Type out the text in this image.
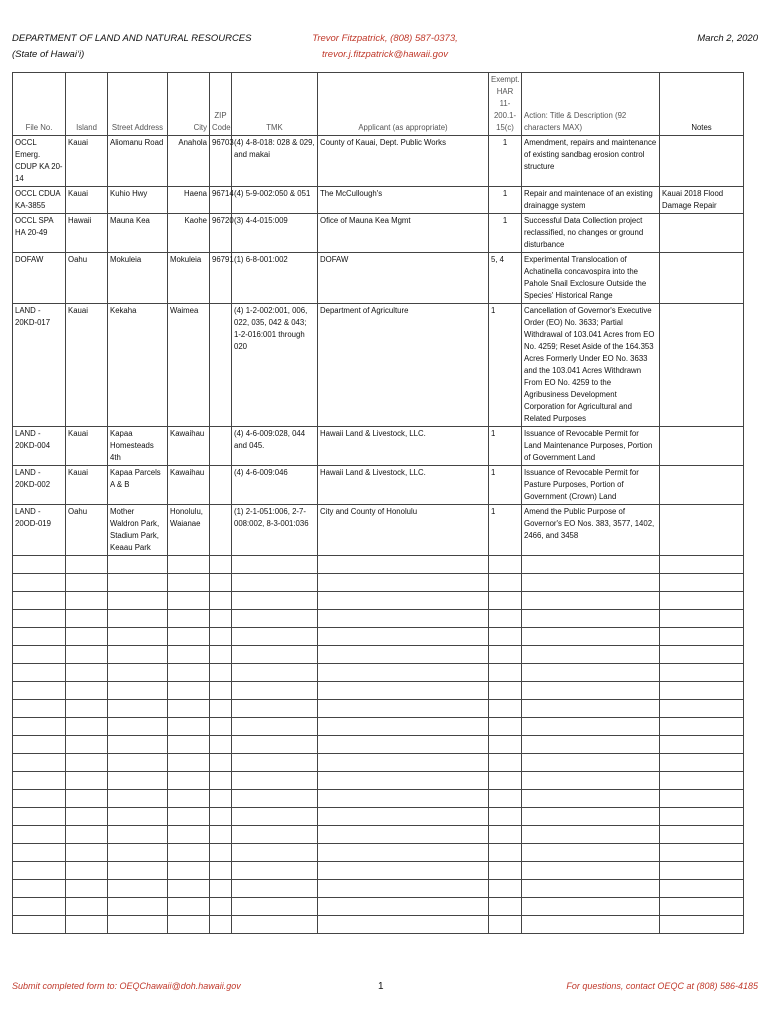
DEPARTMENT OF LAND AND NATURAL RESOURCES
(State of Hawaiʻi)
Trevor Fitzpatrick, (808) 587-0373,
trevor.j.fitzpatrick@hawaii.gov
March 2, 2020
File No.	Island	Street Address	City	ZIP Code	TMK	Applicant (as appropriate)	Exempt. HAR 11-200.1-15(c)	Action: Title & Description (92 characters MAX)	Notes
OCCL Emerg. CDUP KA 20-14	Kauai	Aliomanu Road	Anahola	96703	(4) 4-8-018: 028 & 029, and makai	County of Kauai, Dept. Public Works	1	Amendment, repairs and maintenance of existing sandbag erosion control structure	
OCCL CDUA KA-3855	Kauai	Kuhio Hwy	Haena	96714	(4) 5-9-002:050 & 051	The McCullough's	1	Repair and maintenace of an existing drainagge system	Kauai 2018 Flood Damage Repair
OCCL SPA HA 20-49	Hawaii	Mauna Kea	Kaohe	96720	(3) 4-4-015:009	Ofice of Mauna Kea Mgmt	1	Successful Data Collection project reclassified, no changes or ground disturbance	
DOFAW	Oahu	Mokuleia	Mokuleia	96791	(1) 6-8-001:002	DOFAW	5, 4	Experimental Translocation of Achatinella concavospira into the Pahole Snail Exclosure Outside the Species' Historical Range	
LAND - 20KD-017	Kauai	Kekaha	Waimea		(4) 1-2-002:001, 006, 022, 035, 042 & 043; 1-2-016:001 through 020	Department of Agriculture	1	Cancellation of Governor's Executive Order (EO) No. 3633; Partial Withdrawal of 103.041 Acres from EO No. 4259; Reset Aside of the 164.353 Acres Formerly Under EO No. 3633 and the 103.041 Acres Withdrawn From EO No. 4259 to the Agribusiness Development Corporation for Agricultural and Related Purposes	
LAND - 20KD-004	Kauai	Kapaa Homesteads 4th	Kawaihau		(4) 4-6-009:028, 044 and 045.	Hawaii Land & Livestock, LLC.	1	Issuance of Revocable Permit for Land Maintenance Purposes, Portion of Government Land	
LAND - 20KD-002	Kauai	Kapaa Parcels A & B	Kawaihau		(4) 4-6-009:046	Hawaii Land & Livestock, LLC.	1	Issuance of Revocable Permit for Pasture Purposes, Portion of Government (Crown) Land	
LAND - 20OD-019	Oahu	Mother Waldron Park, Stadium Park, Keaau Park	Honolulu, Waianae		(1) 2-1-051:006, 2-7-008:002, 8-3-001:036	City and County of Honolulu	1	Amend the Public Purpose of Governor's EO Nos. 383, 3577, 1402, 2466, and 3458	

Submit completed form to: OEQChawaii@doh.hawaii.gov	1	For questions, contact OEQC at (808) 586-4185
